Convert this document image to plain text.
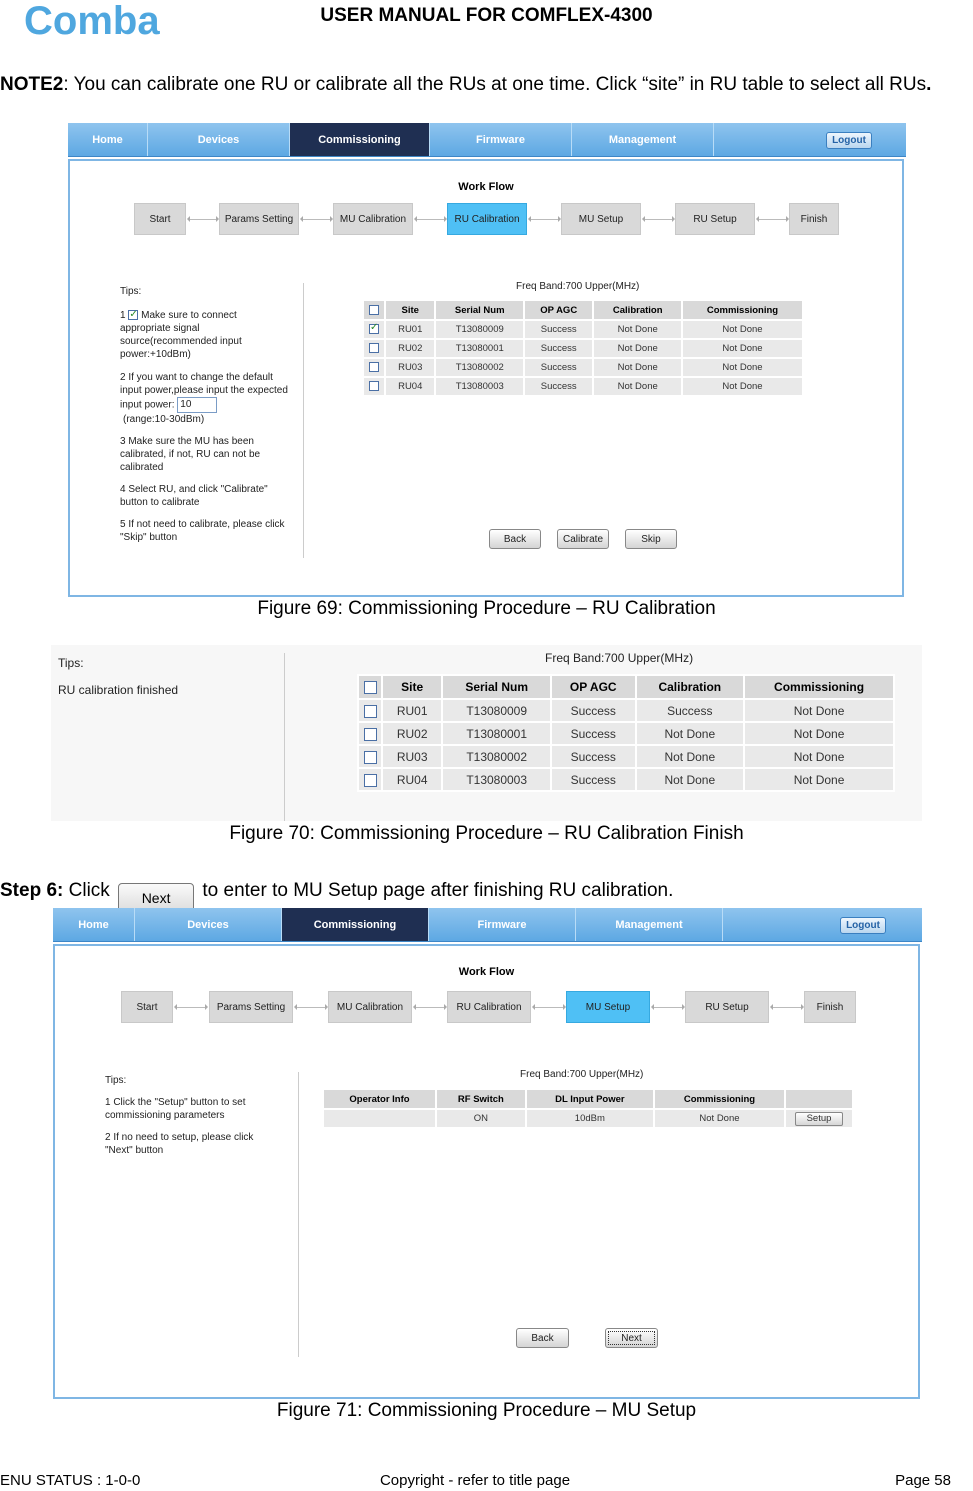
Comba	USER MANUAL FOR COMFLEX-4300
NOTE2: You can calibrate one RU or calibrate all the RUs at one time. Click “site” in RU table to select all RUs.
Home	Devices	Commissioning	Firmware	Management	Logout
Work Flow
Start	Params Setting	MU Calibration	RU Calibration	MU Setup	RU Setup	Finish
Tips:
1 ✓ Make sure to connect appropriate signal source(recommended input power:+10dBm)
2 If you want to change the default input power,please input the expected input power: 10
(range:10-30dBm)
3 Make sure the MU has been calibrated, if not, RU can not be calibrated
4 Select RU, and click "Calibrate" button to calibrate
5 If not need to calibrate, please click "Skip" button
Freq Band:700 Upper(MHz)
	Site	Serial Num	OP AGC	Calibration	Commissioning
✓	RU01	T13080009	Success	Not Done	Not Done
	RU02	T13080001	Success	Not Done	Not Done
	RU03	T13080002	Success	Not Done	Not Done
	RU04	T13080003	Success	Not Done	Not Done
Back	Calibrate	Skip
Figure 69: Commissioning Procedure – RU Calibration
Tips:
RU calibration finished
Freq Band:700 Upper(MHz)
	Site	Serial Num	OP AGC	Calibration	Commissioning
	RU01	T13080009	Success	Success	Not Done
	RU02	T13080001	Success	Not Done	Not Done
	RU03	T13080002	Success	Not Done	Not Done
	RU04	T13080003	Success	Not Done	Not Done
Figure 70: Commissioning Procedure – RU Calibration Finish
Step 6: Click Next to enter to MU Setup page after finishing RU calibration.
Home	Devices	Commissioning	Firmware	Management	Logout
Work Flow
Start	Params Setting	MU Calibration	RU Calibration	MU Setup	RU Setup	Finish
Tips:
1 Click the "Setup" button to set commissioning parameters
2 If no need to setup, please click "Next" button
Freq Band:700 Upper(MHz)
Operator Info	RF Switch	DL Input Power	Commissioning	
	ON	10dBm	Not Done	Setup
Back	Next
Figure 71: Commissioning Procedure – MU Setup
ENU STATUS : 1-0-0	Copyright - refer to title page	Page 58
